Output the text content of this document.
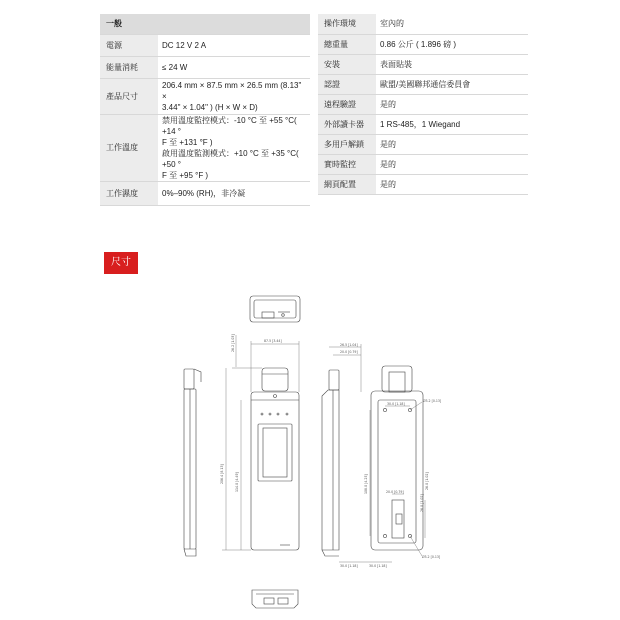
一般	
電源	DC 12 V 2 A

能量消耗	≤ 24 W

產品尺寸	206.4 mm × 87.5 mm × 26.5 mm (8.13" ×
3.44" × 1.04" ) (H × W × D)

工作溫度	禁用溫度監控模式：-10 °C 至 +55 °C( +14 °
F 至 +131 °F )
啟用溫度監測模式：+10 °C 至 +35 °C( +50 °
F 至 +95 °F )

工作濕度	0%–90% (RH)，非冷凝
操作環境	室內的
總重量	0.86 公斤 ( 1.896 磅 )
安裝	表面貼裝
認證	歐盟/美國聯邦通信委員會
遠程驗證	是的
外部讀卡器	1 RS-485，1 Wiegand
多用戶解鎖	是的
實時監控	是的
網頁配置	是的
尺寸
87.5 [3.44]
26.2 [1.03]
206.4 [8.13]	114.0 [4.49]
26.5 [1.04]
20.0 [0.79]
30.0 [1.18]
Ø3.2 [0.13]
108.0 [4.25]	20.0 [0.79]
26.0 [1.02]
26.0 [1.02]
Ø3.2 [0.13]
30.0 [1.18]	30.0 [1.18]
